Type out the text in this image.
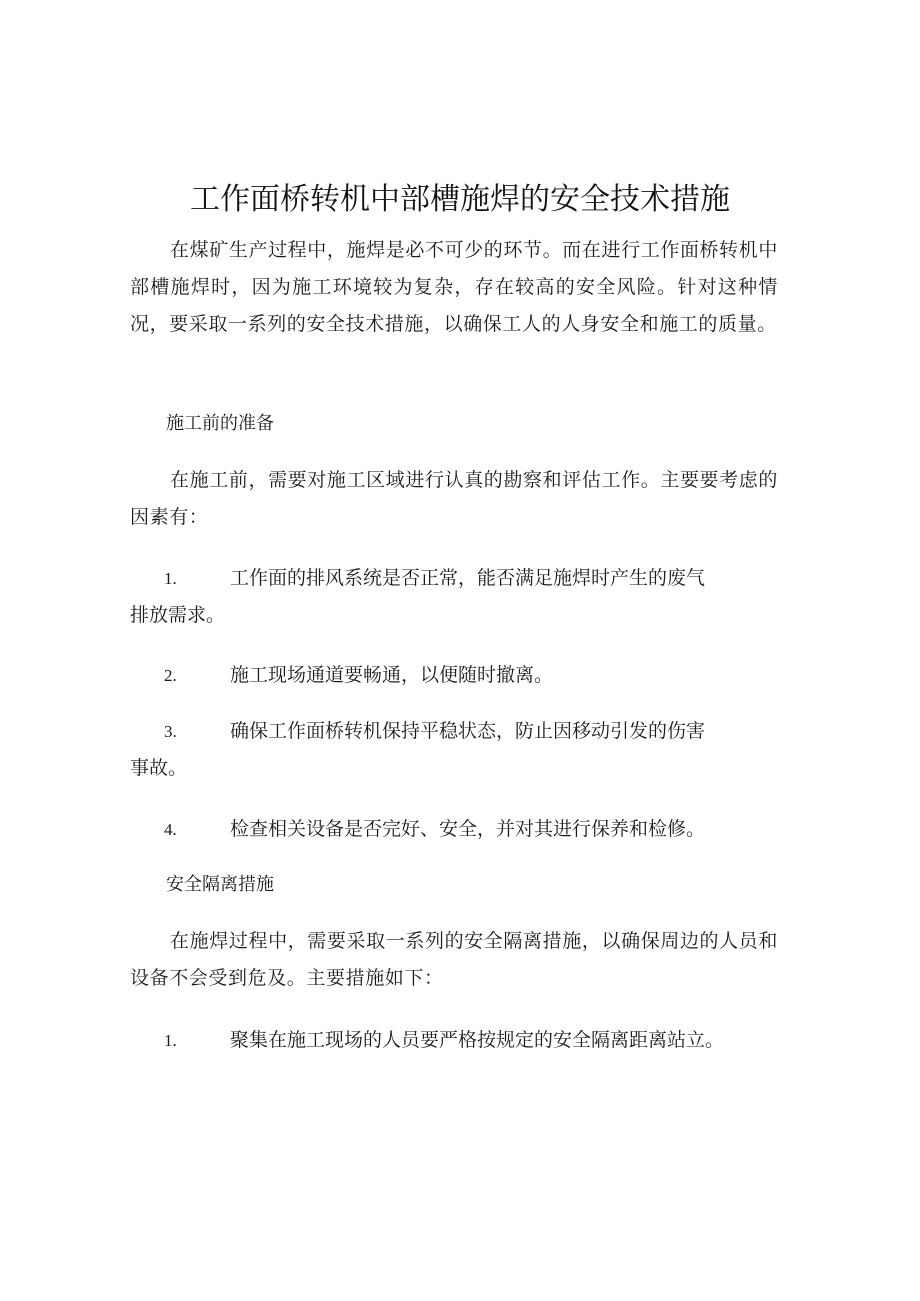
工作面桥转机中部槽施焊的安全技术措施

在煤矿生产过程中，施焊是必不可少的环节。而在进行工作面桥转机中部槽施焊时，因为施工环境较为复杂，存在较高的安全风险。针对这种情况，要采取一系列的安全技术措施，以确保工人的人身安全和施工的质量。

施工前的准备

在施工前，需要对施工区域进行认真的勘察和评估工作。主要要考虑的因素有：

1.	工作面的排风系统是否正常，能否满足施焊时产生的废气
排放需求。
2.	施工现场通道要畅通，以便随时撤离。
3.	确保工作面桥转机保持平稳状态，防止因移动引发的伤害
事故。
4.	检查相关设备是否完好、安全，并对其进行保养和检修。

安全隔离措施

在施焊过程中，需要采取一系列的安全隔离措施，以确保周边的人员和设备不会受到危及。主要措施如下：

1.	聚集在施工现场的人员要严格按规定的安全隔离距离站立。
